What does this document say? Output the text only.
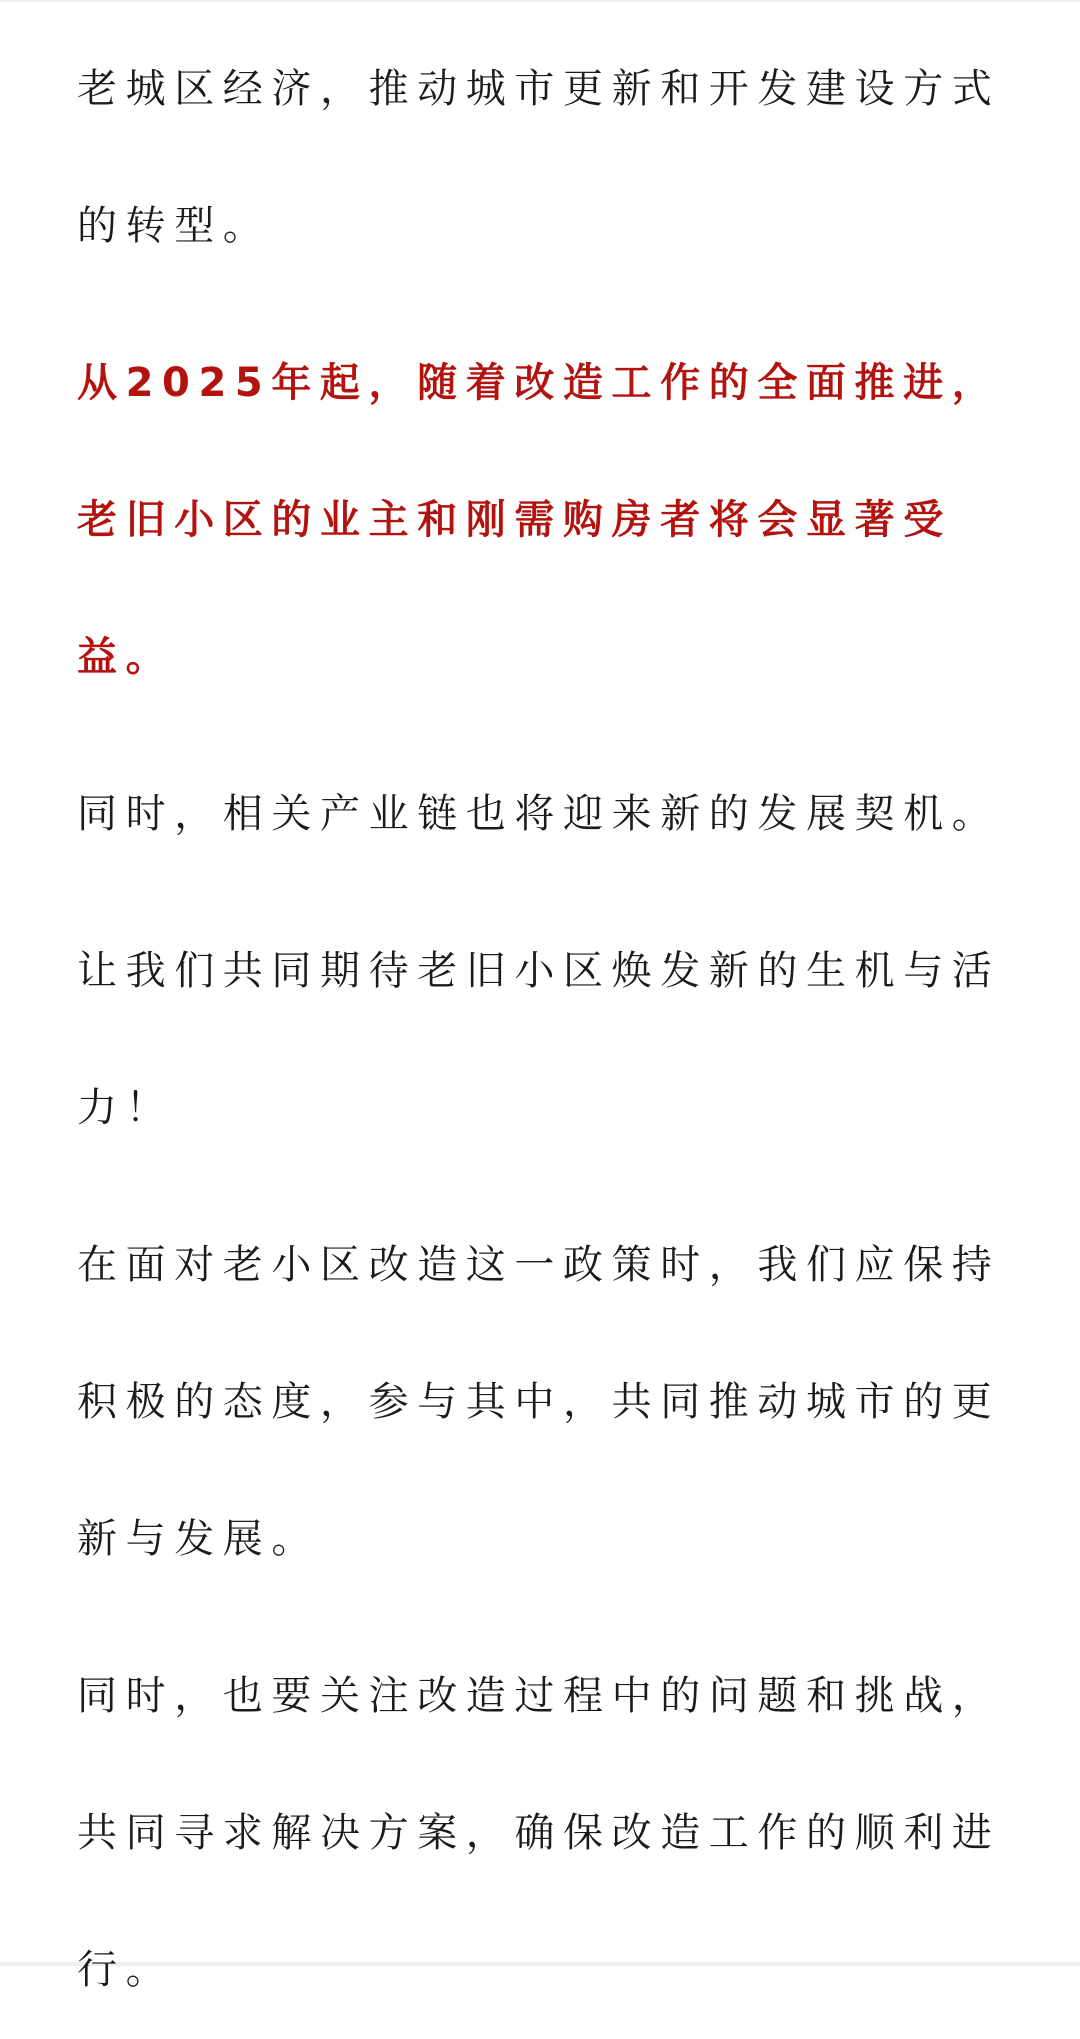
老城区经济，推动城市更新和开发建设方式的转型。

从2025年起，随着改造工作的全面推进，老旧小区的业主和刚需购房者将会显著受益。

同时，相关产业链也将迎来新的发展契机。

让我们共同期待老旧小区焕发新的生机与活力！

在面对老小区改造这一政策时，我们应保持积极的态度，参与其中，共同推动城市的更新与发展。

同时，也要关注改造过程中的问题和挑战，共同寻求解决方案，确保改造工作的顺利进行。
